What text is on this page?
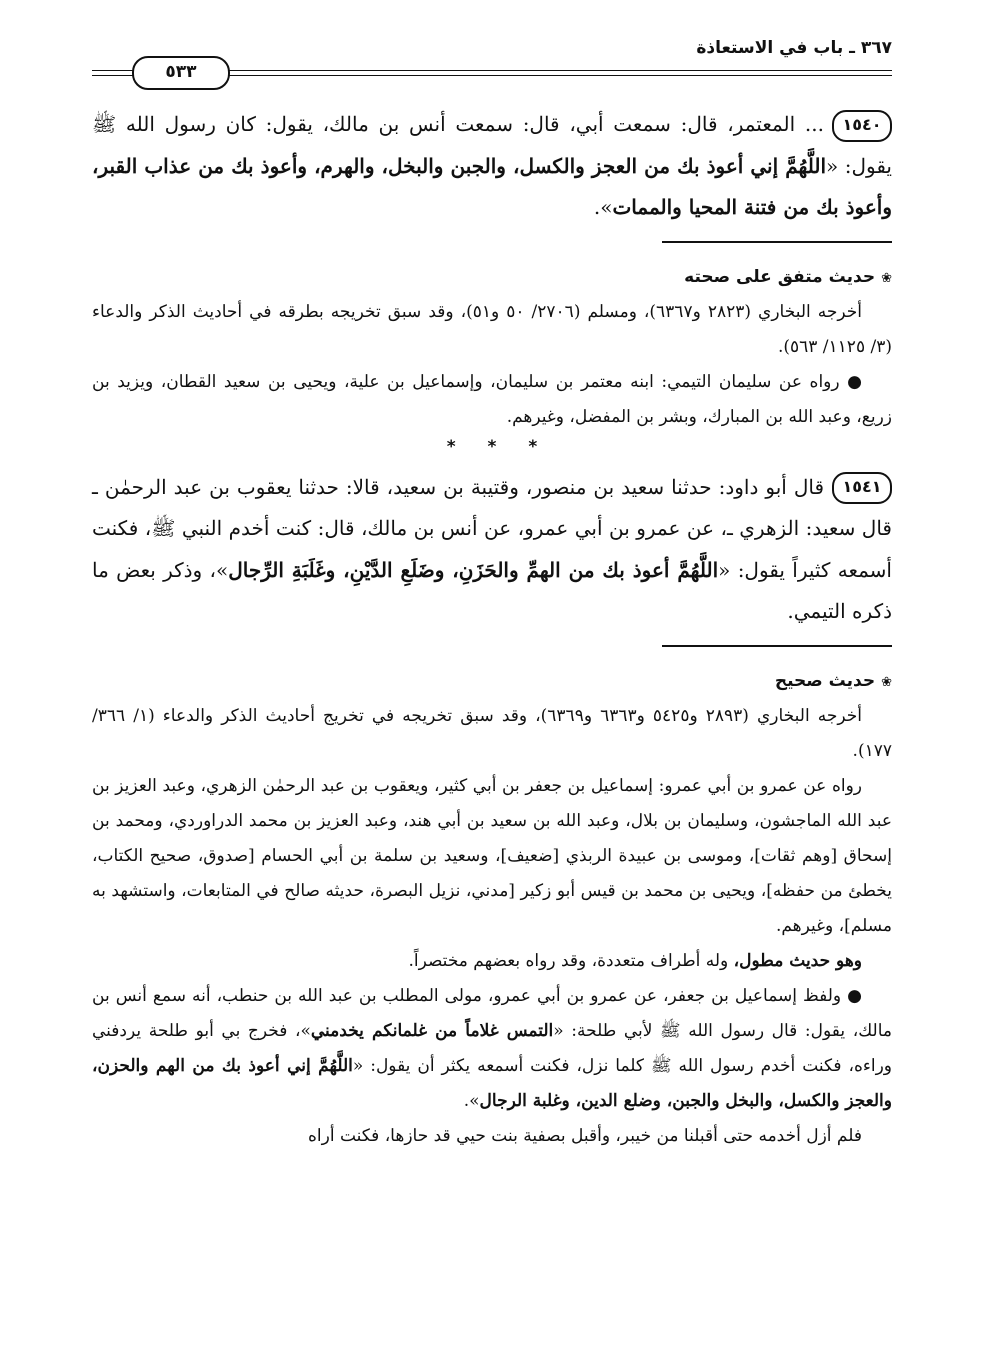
٣٦٧ ـ باب في الاستعاذة
٥٣٣

١٥٤٠... المعتمر، قال: سمعت أبي، قال: سمعت أنس بن مالك، يقول: كان رسول الله ﷺ يقول: «اللَّهُمَّ إني أعوذ بك من العجز والكسل، والجبن والبخل، والهرم، وأعوذ بك من عذاب القبر، وأعوذ بك من فتنة المحيا والممات».

❀حديث متفق على صحته

أخرجه البخاري (٢٨٢٣ و٦٣٦٧)، ومسلم (٢٧٠٦/ ٥٠ و٥١)، وقد سبق تخريجه بطرقه في أحاديث الذكر والدعاء (٣/ ١١٢٥/ ٥٦٣).

● رواه عن سليمان التيمي: ابنه معتمر بن سليمان، وإسماعيل بن علية، ويحيى بن سعيد القطان، ويزيد بن زريع، وعبد الله بن المبارك، وبشر بن المفضل، وغيرهم.

* * *

١٥٤١قال أبو داود: حدثنا سعيد بن منصور، وقتيبة بن سعيد، قالا: حدثنا يعقوب بن عبد الرحمٰن ـ قال سعيد: الزهري ـ، عن عمرو بن أبي عمرو، عن أنس بن مالك، قال: كنت أخدم النبي ﷺ، فكنت أسمعه كثيراً يقول: «اللَّهُمَّ أعوذ بك من الهمِّ والحَزَنِ، وضَلَعِ الدَّيْنِ، وغَلَبَةِ الرِّجال»، وذكر بعض ما ذكره التيمي.

❀حديث صحيح

أخرجه البخاري (٢٨٩٣ و٥٤٢٥ و٦٣٦٣ و٦٣٦٩)، وقد سبق تخريجه في تخريج أحاديث الذكر والدعاء (١/ ٣٦٦/ ١٧٧).

رواه عن عمرو بن أبي عمرو: إسماعيل بن جعفر بن أبي كثير، ويعقوب بن عبد الرحمٰن الزهري، وعبد العزيز بن عبد الله الماجشون، وسليمان بن بلال، وعبد الله بن سعيد بن أبي هند، وعبد العزيز بن محمد الدراوردي، ومحمد بن إسحاق [وهم ثقات]، وموسى بن عبيدة الربذي [ضعيف]، وسعيد بن سلمة بن أبي الحسام [صدوق، صحيح الكتاب، يخطئ من حفظه]، ويحيى بن محمد بن قيس أبو زكير [مدني، نزيل البصرة، حديثه صالح في المتابعات، واستشهد به مسلم]، وغيرهم.

وهو حديث مطول، وله أطراف متعددة، وقد رواه بعضهم مختصراً.

● ولفظ إسماعيل بن جعفر، عن عمرو بن أبي عمرو، مولى المطلب بن عبد الله بن حنطب، أنه سمع أنس بن مالك، يقول: قال رسول الله ﷺ لأبي طلحة: «التمس غلاماً من غلمانكم يخدمني»، فخرج بي أبو طلحة يردفني وراءه، فكنت أخدم رسول الله ﷺ كلما نزل، فكنت أسمعه يكثر أن يقول: «اللَّهُمَّ إني أعوذ بك من الهم والحزن، والعجز والكسل، والبخل والجبن، وضلع الدين، وغلبة الرجال».

فلم أزل أخدمه حتى أقبلنا من خيبر، وأقبل بصفية بنت حيي قد حازها، فكنت أراه
